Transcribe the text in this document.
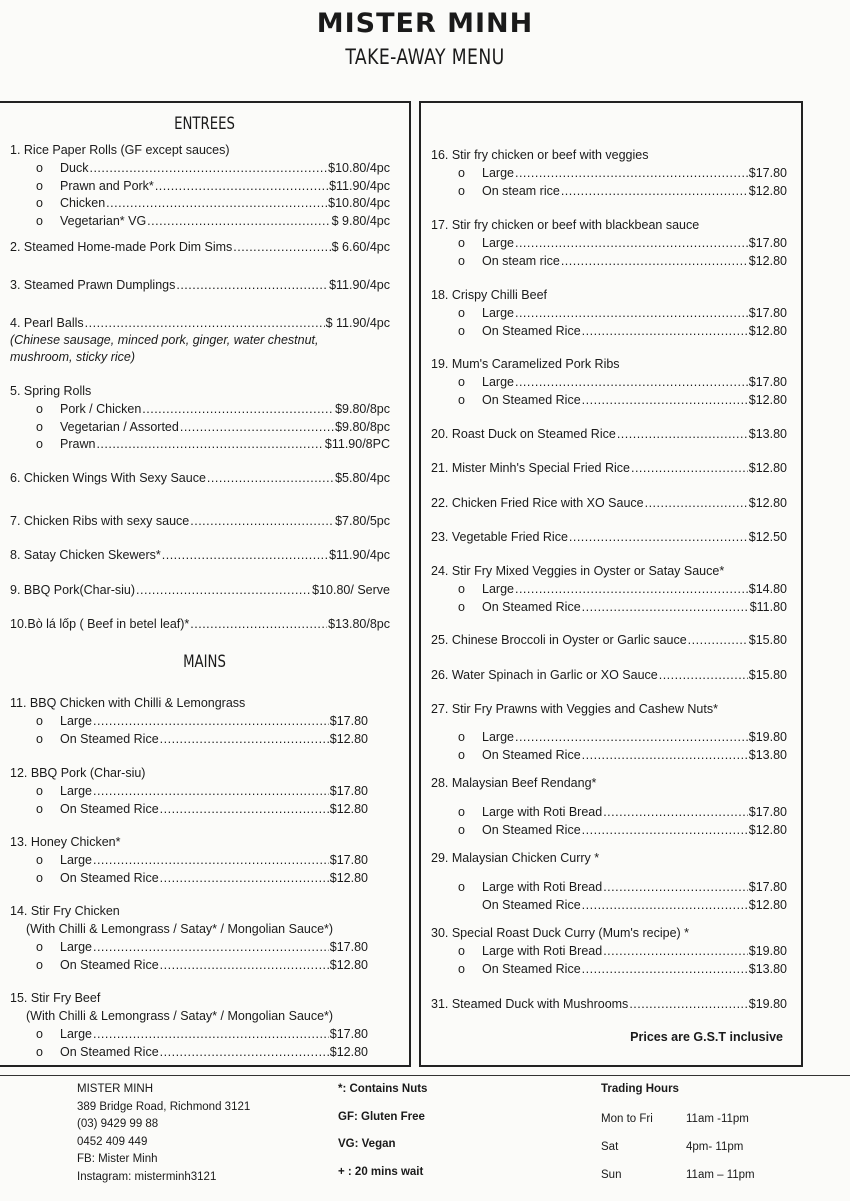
MISTER MINH
TAKE-AWAY MENU
ENTREES
MAINS
1. Rice Paper Rolls (GF except sauces)
o Duck .....	$10.80/4pc
o Prawn and Pork* .....	$11.90/4pc
o Chicken .....	$10.80/4pc
o Vegetarian* VG .....	$ 9.80/4pc
2. Steamed Home-made Pork Dim Sims .....	$ 6.60/4pc
3. Steamed Prawn Dumplings .....	$11.90/4pc
4. Pearl Balls .....	$ 11.90/4pc
(Chinese sausage, minced pork, ginger, water chestnut,
mushroom, sticky rice)
5. Spring Rolls
o Pork / Chicken .....	$9.80/8pc
o Vegetarian / Assorted .....	$9.80/8pc
o Prawn .....	$11.90/8PC
6. Chicken Wings With Sexy Sauce .....	$5.80/4pc
7. Chicken Ribs with sexy sauce .....	$7.80/5pc
8. Satay Chicken Skewers* .....	$11.90/4pc
9. BBQ Pork(Char-siu) .....	$10.80/ Serve
10.Bò lá lốp ( Beef in betel leaf)* .....	$13.80/8pc
11. BBQ Chicken with Chilli & Lemongrass
o Large .....	$17.80
o On Steamed Rice .....	$12.80
12. BBQ Pork (Char-siu)
o Large .....	$17.80
o On Steamed Rice .....	$12.80
13. Honey Chicken*
o Large .....	$17.80
o On Steamed Rice .....	$12.80
14. Stir Fry Chicken
(With Chilli & Lemongrass / Satay* / Mongolian Sauce*)
o Large .....	$17.80
o On Steamed Rice .....	$12.80
15. Stir Fry Beef
(With Chilli & Lemongrass / Satay* / Mongolian Sauce*)
o Large .....	$17.80
o On Steamed Rice .....	$12.80
Prices are G.S.T inclusive
16. Stir fry chicken or beef with veggies
o Large .....	$17.80
o On steam rice .....	$12.80
17. Stir fry chicken or beef with blackbean sauce
o Large .....	$17.80
o On steam rice .....	$12.80
18. Crispy Chilli Beef
o Large .....	$17.80
o On Steamed Rice .....	$12.80
19. Mum's Caramelized Pork Ribs
o Large .....	$17.80
o On Steamed Rice .....	$12.80
20. Roast Duck on Steamed Rice .....	$13.80
21. Mister Minh's Special Fried Rice .....	$12.80
22. Chicken Fried Rice with XO Sauce .....	$12.80
23. Vegetable Fried Rice .....	$12.50
24. Stir Fry Mixed Veggies in Oyster or Satay Sauce*
o Large .....	$14.80
o On Steamed Rice .....	$11.80
25. Chinese Broccoli in Oyster or Garlic sauce .....	$15.80
26. Water Spinach in Garlic or XO Sauce .....	$15.80
27. Stir Fry Prawns with Veggies and Cashew Nuts*
o Large .....	$19.80
o On Steamed Rice .....	$13.80
28. Malaysian Beef Rendang*
o Large with Roti Bread .....	$17.80
o On Steamed Rice .....	$12.80
29. Malaysian Chicken Curry *
o Large with Roti Bread .....	$17.80
On Steamed Rice .....	$12.80
30. Special Roast Duck Curry (Mum's recipe) *
o Large with Roti Bread .....	$19.80
o On Steamed Rice .....	$13.80
31. Steamed Duck with Mushrooms .....	$19.80
MISTER MINH
389 Bridge Road, Richmond 3121
(03) 9429 99 88
0452 409 449
FB: Mister Minh
Instagram: misterminh3121
*: Contains Nuts
GF: Gluten Free
VG: Vegan
+ : 20 mins wait
Trading Hours
Mon to Fri	11am -11pm
Sat	4pm- 11pm
Sun	11am – 11pm
